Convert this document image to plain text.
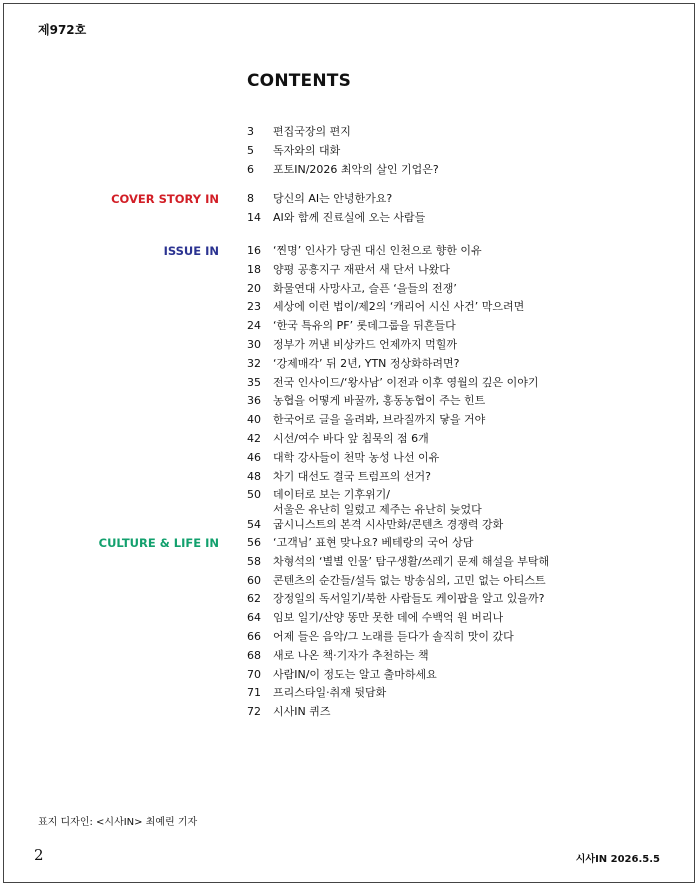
제972호
CONTENTS
3	편집국장의 편지
5	독자와의 대화
6	포토IN/2026 최악의 살인 기업은?
COVER STORY IN	8	당신의 AI는 안녕한가요?
14	AI와 함께 진료실에 오는 사람들
ISSUE IN	16	‘찐명’ 인사가 당권 대신 인천으로 향한 이유
18	양평 공흥지구 재판서 새 단서 나왔다
20	화물연대 사망사고, 슬픈 ‘을들의 전쟁’
23	세상에 이런 법이/제2의 ‘캐리어 시신 사건’ 막으려면
24	‘한국 특유의 PF’ 롯데그룹을 뒤흔들다
30	정부가 꺼낸 비상카드 언제까지 먹힐까
32	‘강제매각’ 뒤 2년, YTN 정상화하려면?
35	전국 인사이드/‘왕사남’ 이전과 이후 영월의 깊은 이야기
36	농협을 어떻게 바꿀까, 홍동농협이 주는 힌트
40	한국어로 글을 올려봐, 브라질까지 닿을 거야
42	시선/여수 바다 앞 침묵의 점 6개
46	대학 강사들이 천막 농성 나선 이유
48	차기 대선도 결국 트럼프의 선거?
50	데이터로 보는 기후위기/
서울은 유난히 일렀고 제주는 유난히 늦었다
54	굽시니스트의 본격 시사만화/콘텐츠 경쟁력 강화
CULTURE & LIFE IN	56	‘고객님’ 표현 맞나요? 베테랑의 국어 상담
58	차형석의 ‘별별 인물’ 탐구생활/쓰레기 문제 해설을 부탁해
60	콘텐츠의 순간들/설득 없는 방송심의, 고민 없는 아티스트
62	장정일의 독서일기/북한 사람들도 케이팝을 알고 있을까?
64	임보 일기/산양 똥만 못한 데에 수백억 원 버리나
66	어제 들은 음악/그 노래를 듣다가 솔직히 맛이 갔다
68	새로 나온 책·기자가 추천하는 책
70	사람IN/이 정도는 알고 출마하세요
71	프리스타일·취재 뒷담화
72	시사IN 퀴즈
표지 디자인: <시사IN> 최예린 기자
2	시사IN 2026.5.5
